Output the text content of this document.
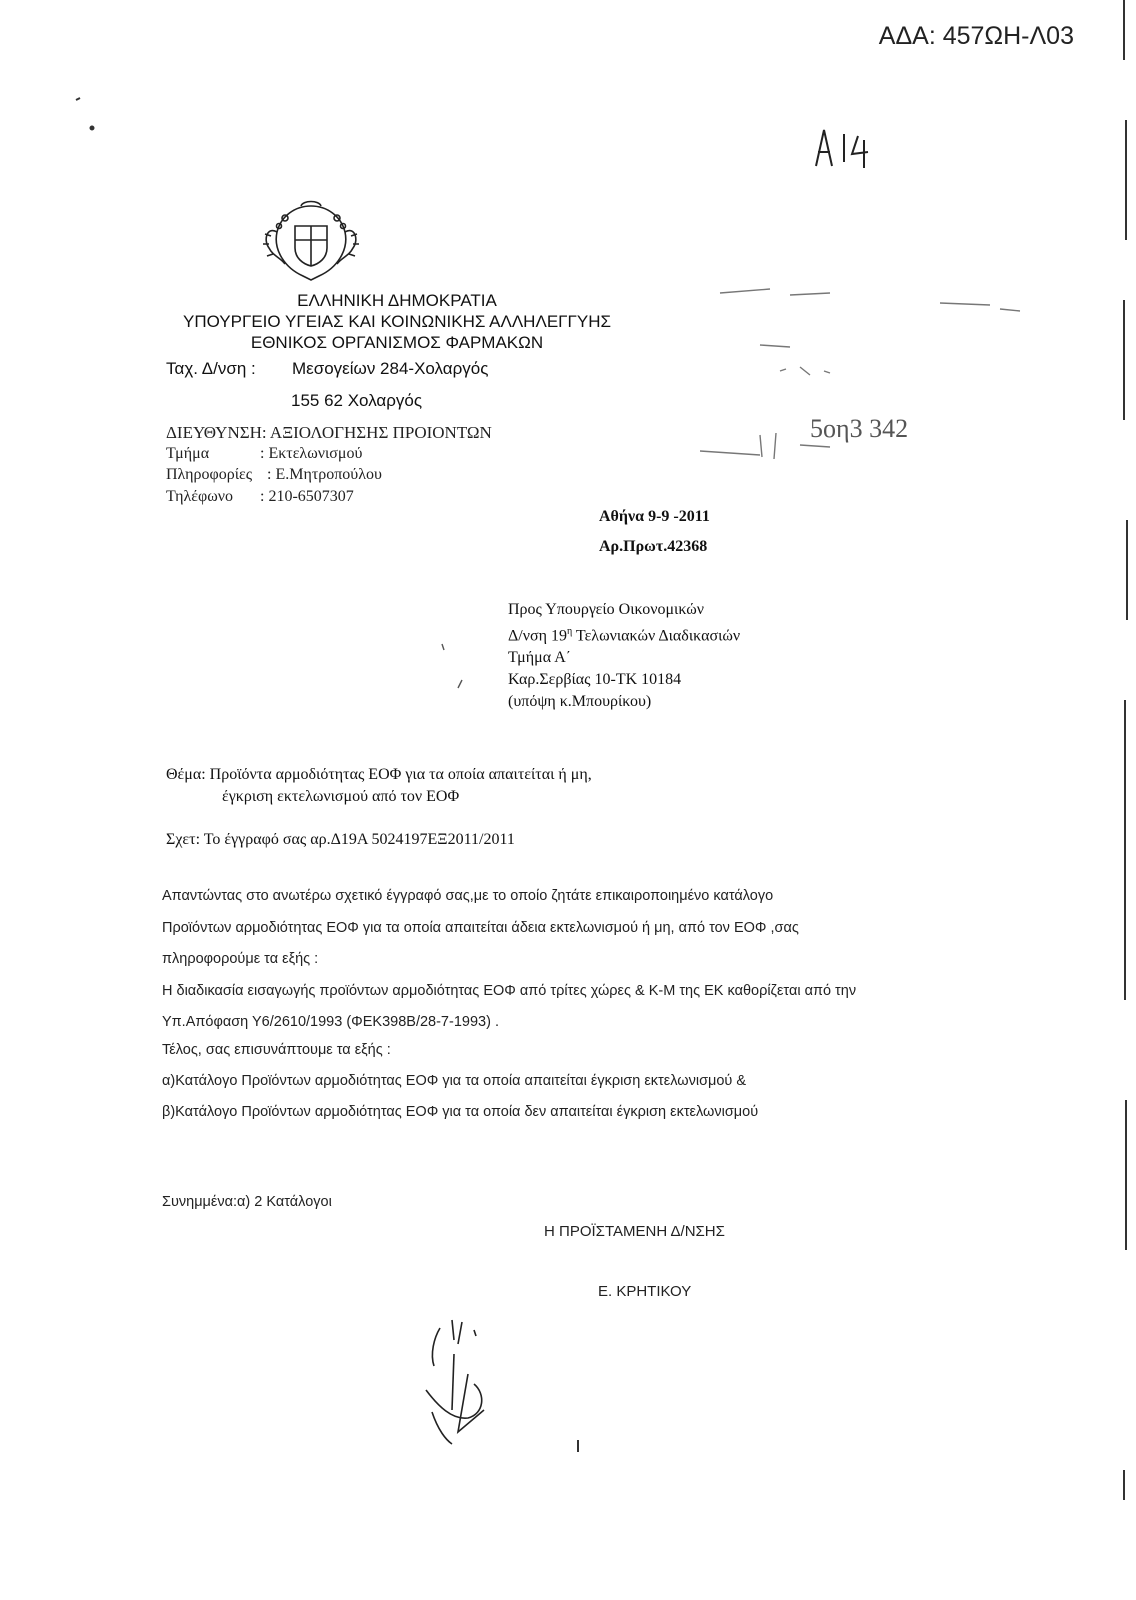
ΑΔΑ: 457ΩΗ-Λ03
ΕΛΛΗΝΙΚΗ ΔΗΜΟΚΡΑΤΙΑ
ΥΠΟΥΡΓΕΙΟ ΥΓΕΙΑΣ ΚΑΙ ΚΟΙΝΩΝΙΚΗΣ ΑΛΛΗΛΕΓΓΥΗΣ
ΕΘΝΙΚΟΣ ΟΡΓΑΝΙΣΜΟΣ ΦΑΡΜΑΚΩΝ
Ταχ. Δ/νση : Μεσογείων 284-Χολαργός
155 62 Χολαργός
ΔΙΕΥΘΥΝΣΗ: ΑΞΙΟΛΟΓΗΣΗΣ ΠΡΟΙΟΝΤΩΝ
Τμήμα	: Εκτελωνισμού
Πληροφορίες : Ε.Μητροπούλου
Τηλέφωνο : 210-6507307
5οη3 342
Αθήνα 9-9 -2011
Αρ.Πρωτ.42368
Προς Υπουργείο Οικονομικών
Δ/νση $19^\eta$ Τελωνιακών Διαδικασιών
Τμήμα Α΄
Καρ.Σερβίας 10-ΤΚ 10184
(υπόψη κ.Μπουρίκου)
Θέμα: Προϊόντα αρμοδιότητας ΕΟΦ για τα οποία απαιτείται ή μη,
έγκριση εκτελωνισμού από τον ΕΟΦ
Σχετ: Το έγγραφό σας αρ.Δ19Α 5024197ΕΞ2011/2011
Απαντώντας στο ανωτέρω σχετικό έγγραφό σας,με το οποίο ζητάτε επικαιροποιημένο κατάλογο
Προϊόντων αρμοδιότητας ΕΟΦ για τα οποία απαιτείται άδεια εκτελωνισμού ή μη, από τον ΕΟΦ ,σας
πληροφορούμε τα εξής :
Η διαδικασία εισαγωγής προϊόντων αρμοδιότητας ΕΟΦ από τρίτες χώρες & Κ-Μ της ΕΚ καθορίζεται από την
Υπ.Απόφαση Υ6/2610/1993 (ΦΕΚ398Β/28-7-1993) .
Τέλος, σας επισυνάπτουμε τα εξής :
α)Κατάλογο Προϊόντων αρμοδιότητας ΕΟΦ για τα οποία απαιτείται έγκριση εκτελωνισμού &
β)Κατάλογο Προϊόντων αρμοδιότητας ΕΟΦ για τα οποία δεν απαιτείται έγκριση εκτελωνισμού
Συνημμένα:α) 2 Κατάλογοι
Η ΠΡΟΪΣΤΑΜΕΝΗ Δ/ΝΣΗΣ
Ε. ΚΡΗΤΙΚΟΥ
